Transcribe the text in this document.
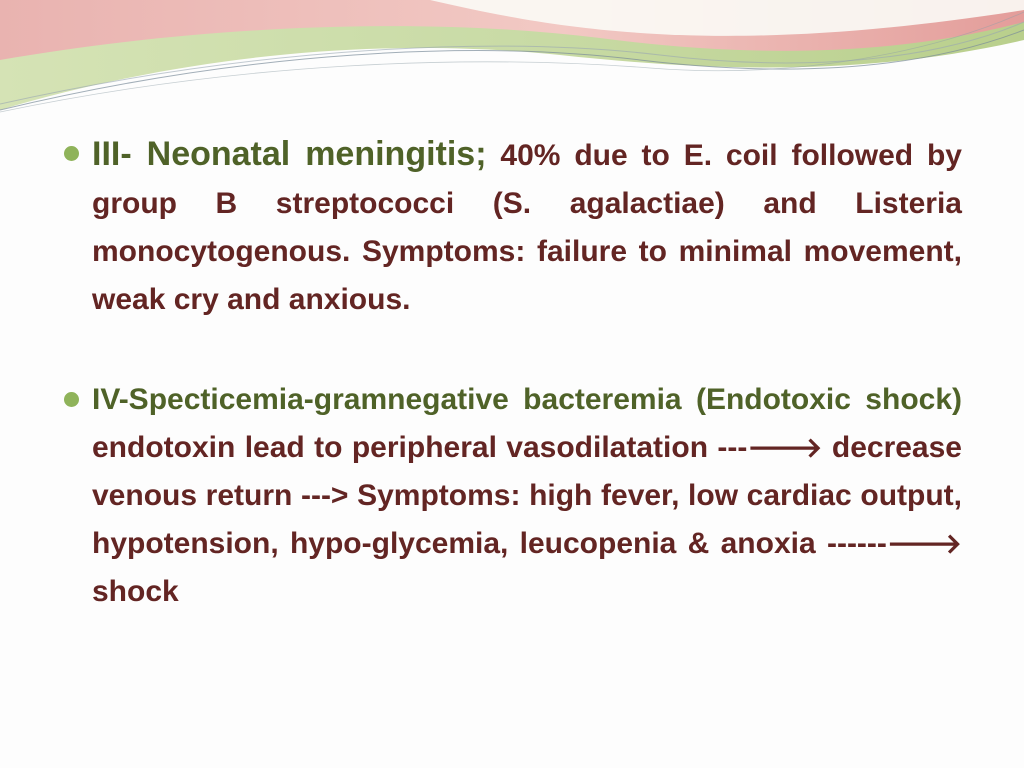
III- Neonatal meningitis; 40% due to E. coil followed by group B streptococci (S. agalactiae) and Listeria monocytogenous. Symptoms: failure to minimal movement, weak cry and anxious.
IV-Specticemia-gramnegative bacteremia (Endotoxic shock) endotoxin lead to peripheral vasodilatation ---🡒 decrease venous return ---> Symptoms: high fever, low cardiac output, hypotension, hypo-glycemia, leucopenia & anoxia ------🡒 shock
